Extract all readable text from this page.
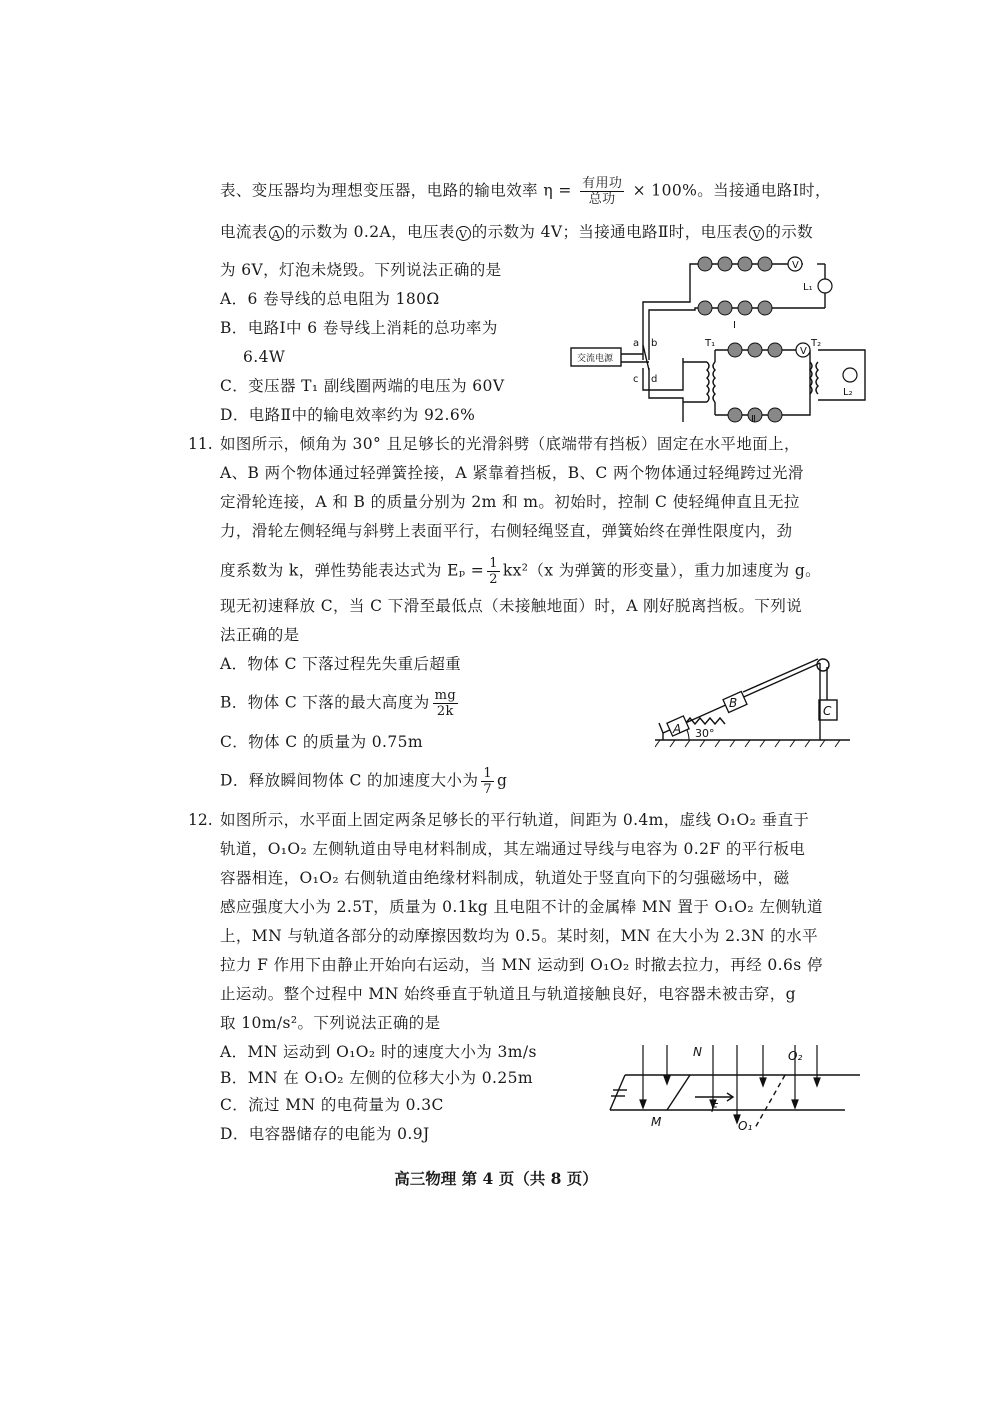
表、变压器均为理想变压器，电路的输电效率 $\eta = \frac{\text{有用功}}{\text{总功}} \times 100\%$。当接通电路Ⅰ时，
电流表 A 的示数为 0.2A，电压表 V 的示数为 4V；当接通电路Ⅱ时，电压表 V 的示数
为 6V，灯泡未烧毁。下列说法正确的是
A．6 卷导线的总电阻为 180Ω
B．电路Ⅰ中 6 卷导线上消耗的总功率为
6.4W
C．变压器 T₁ 副线圈两端的电压为 60V
D．电路Ⅱ中的输电效率约为 92.6%
V
V
交流电源
a b
c d
Ⅰ
Ⅱ
T₁	T₂
L₁
L₂
11. 如图所示，倾角为 30° 且足够长的光滑斜劈（底端带有挡板）固定在水平地面上，
A、B 两个物体通过轻弹簧拴接，A 紧靠着挡板，B、C 两个物体通过轻绳跨过光滑
定滑轮连接，A 和 B 的质量分别为 2m 和 m。初始时，控制 C 使轻绳伸直且无拉
力，滑轮左侧轻绳与斜劈上表面平行，右侧轻绳竖直，弹簧始终在弹性限度内，劲
度系数为 k，弹性势能表达式为 $E_p = \frac{1}{2} kx^2(x$ 为弹簧的形变量），重力加速度为 g。
现无初速释放 C，当 C 下滑至最低点（未接触地面）时，A 刚好脱离挡板。下列说
法正确的是
A．物体 C 下落过程先失重后超重
B．物体 C 下落的最大高度为 $\frac{mg}{2k}$
C．物体 C 的质量为 0.75m
D．释放瞬间物体 C 的加速度大小为 $\frac{1}{7}$ g
A
B
C
30°
12. 如图所示，水平面上固定两条足够长的平行轨道，间距为 0.4m，虚线 O₁O₂ 垂直于
轨道，O₁O₂ 左侧轨道由导电材料制成，其左端通过导线与电容为 0.2F 的平行板电
容器相连，O₁O₂ 右侧轨道由绝缘材料制成，轨道处于竖直向下的匀强磁场中，磁
感应强度大小为 2.5T，质量为 0.1kg 且电阻不计的金属棒 MN 置于 O₁O₂ 左侧轨道
上，MN 与轨道各部分的动摩擦因数均为 0.5。某时刻，MN 在大小为 2.3N 的水平
拉力 F 作用下由静止开始向右运动，当 MN 运动到 O₁O₂ 时撤去拉力，再经 0.6s 停
止运动。整个过程中 MN 始终垂直于轨道且与轨道接触良好，电容器未被击穿，g
取 10m/s²。下列说法正确的是
A．MN 运动到 O₁O₂ 时的速度大小为 3m/s
B．MN 在 O₁O₂ 左侧的位移大小为 0.25m
C．流过 MN 的电荷量为 0.3C
D．电容器储存的电能为 0.9J
N
M
O₂
O₁
F
高三物理 第 4 页（共 8 页）
